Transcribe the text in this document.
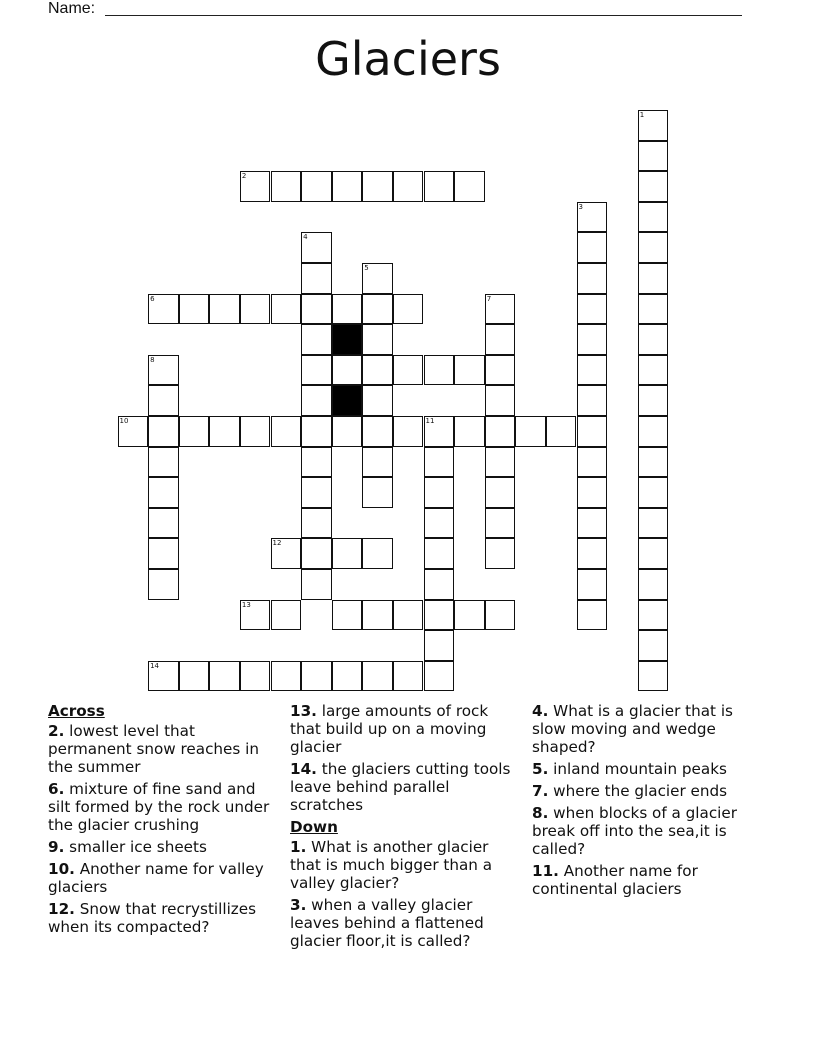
Name:
Glaciers
1
2
3
4
5
6	7
8
10	11
12
13
14
Across
2. lowest level that permanent snow reaches in the summer
6. mixture of fine sand and silt formed by the rock under the glacier crushing
9. smaller ice sheets
10. Another name for valley glaciers
12. Snow that recrystillizes when its compacted?
13. large amounts of rock that build up on a moving glacier
14. the glaciers cutting tools leave behind parallel scratches
Down
1. What is another glacier that is much bigger than a valley glacier?
3. when a valley glacier leaves behind a flattened glacier floor,it is called?
4. What is a glacier that is slow moving and wedge shaped?
5. inland mountain peaks
7. where the glacier ends
8. when blocks of a glacier break off into the sea,it is called?
11. Another name for continental glaciers
